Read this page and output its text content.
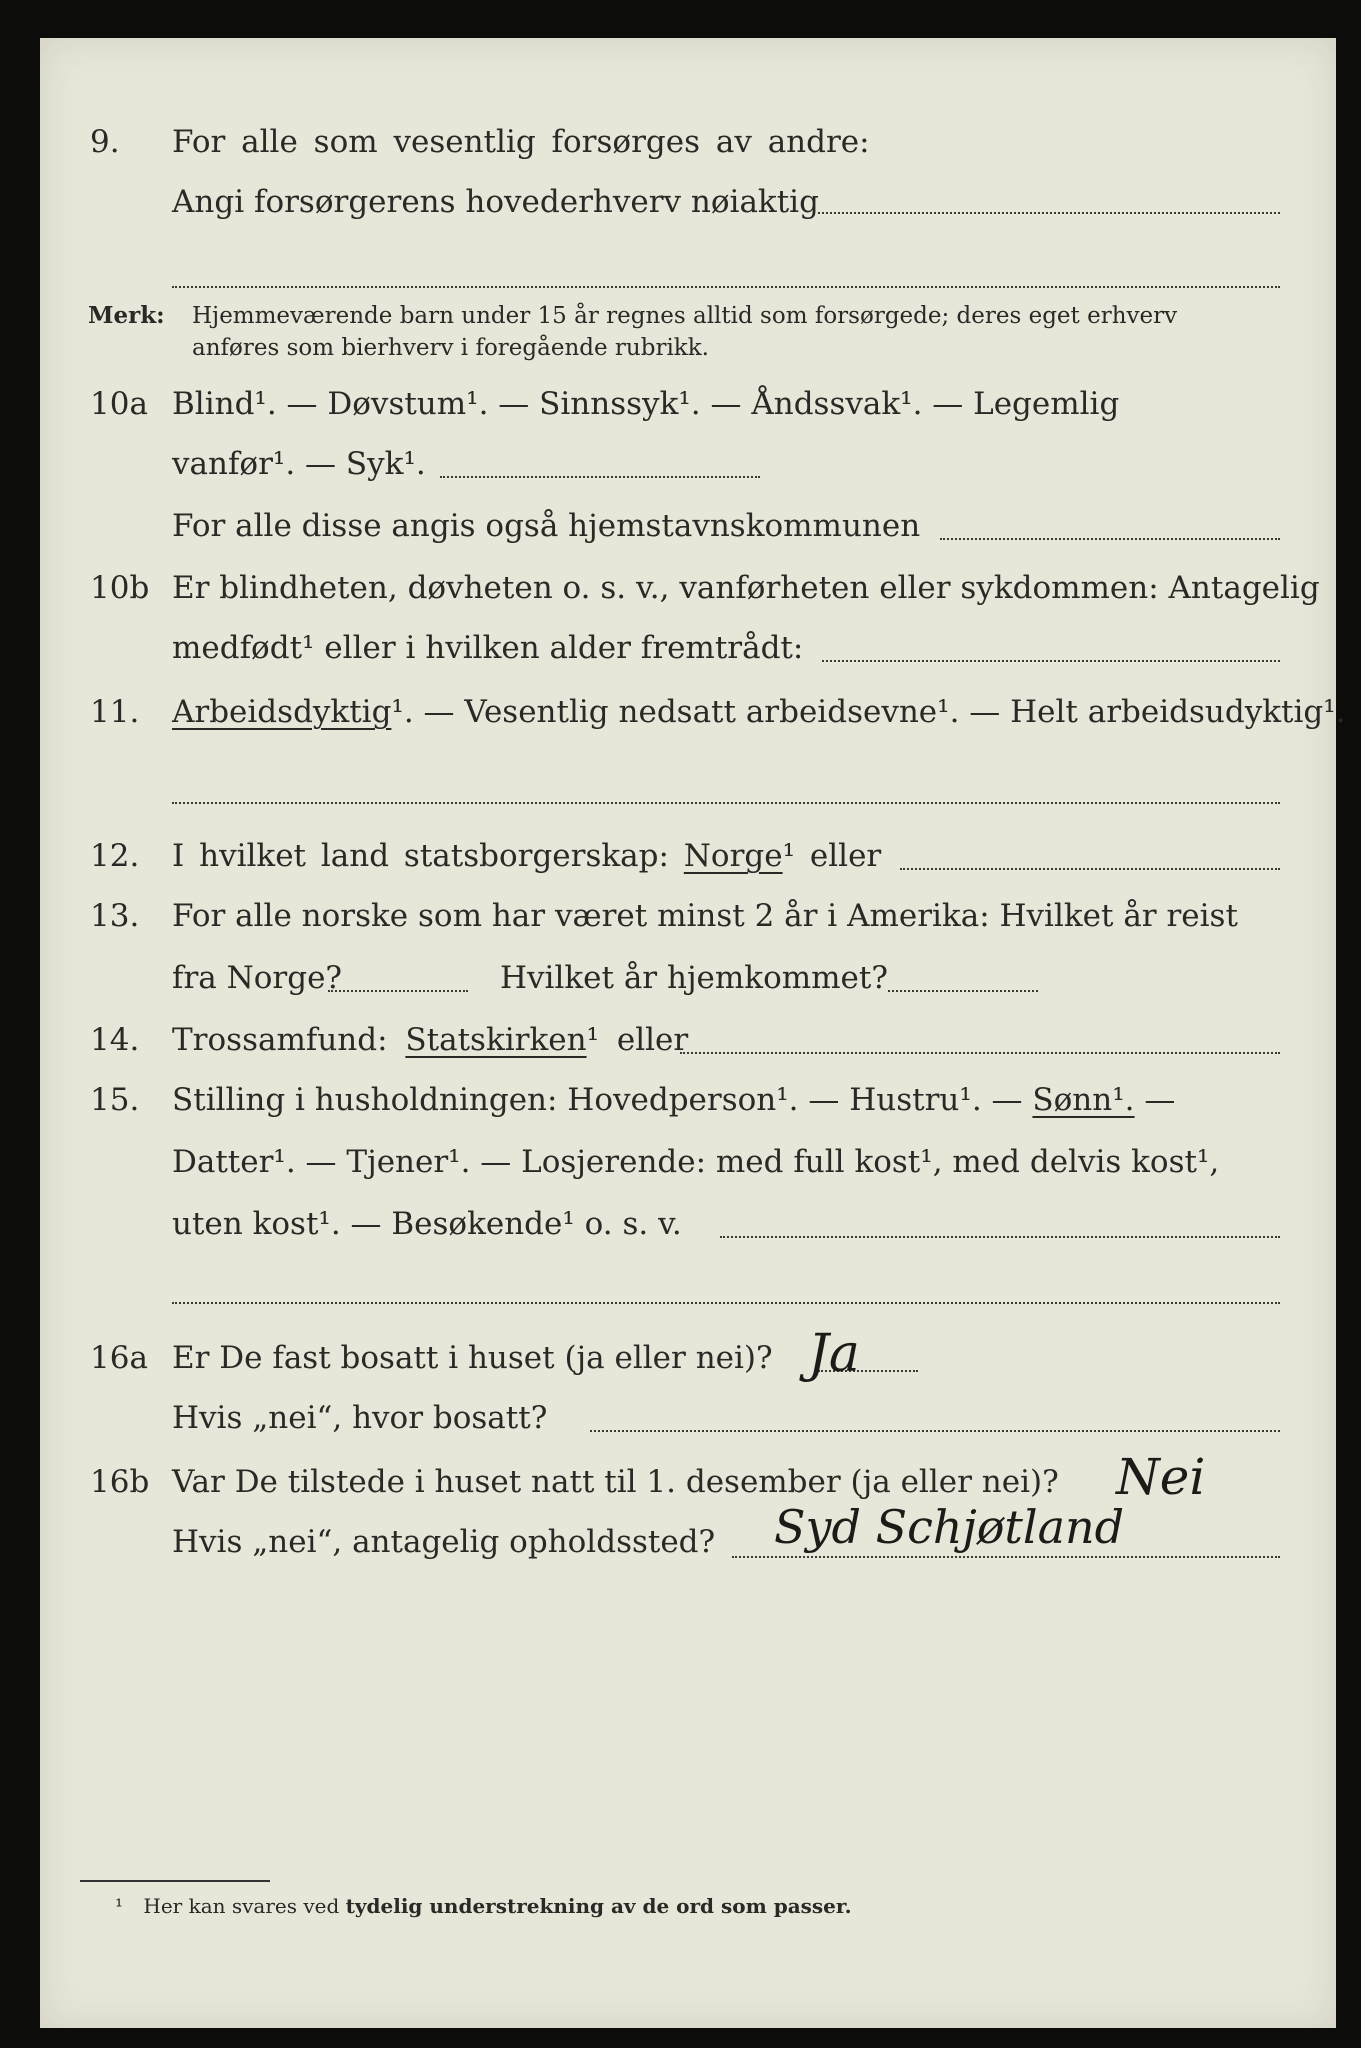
9. For alle som vesentlig forsørges av andre:
Angi forsørgerens hovederhverv nøiaktig
Merk: Hjemmeværende barn under 15 år regnes alltid som forsørgede; deres eget erhverv
anføres som bierhverv i foregående rubrikk.
10a Blind¹. — Døvstum¹. — Sinnssyk¹. — Åndssvak¹. — Legemlig
vanfør¹. — Syk¹.
For alle disse angis også hjemstavnskommunen
10b Er blindheten, døvheten o. s. v., vanførheten eller sykdommen: Antagelig
medfødt¹ eller i hvilken alder fremtrådt:
11. Arbeidsdyktig¹. — Vesentlig nedsatt arbeidsevne¹. — Helt arbeidsudyktig¹.
12. I hvilket land statsborgerskap: Norge¹ eller
13. For alle norske som har været minst 2 år i Amerika: Hvilket år reist
fra Norge?	Hvilket år hjemkommet?
14. Trossamfund: Statskirken¹ eller
15. Stilling i husholdningen: Hovedperson¹. — Hustru¹. — Sønn¹. —
Datter¹. — Tjener¹. — Losjerende: med full kost¹, med delvis kost¹,
uten kost¹. — Besøkende¹ o. s. v.
16a Er De fast bosatt i huset (ja eller nei)? Ja
Hvis „nei“, hvor bosatt?
16b Var De tilstede i huset natt til 1. desember (ja eller nei)? Nei
Hvis „nei“, antagelig opholdssted? Syd Schjøtland
¹ Her kan svares ved tydelig understrekning av de ord som passer.
